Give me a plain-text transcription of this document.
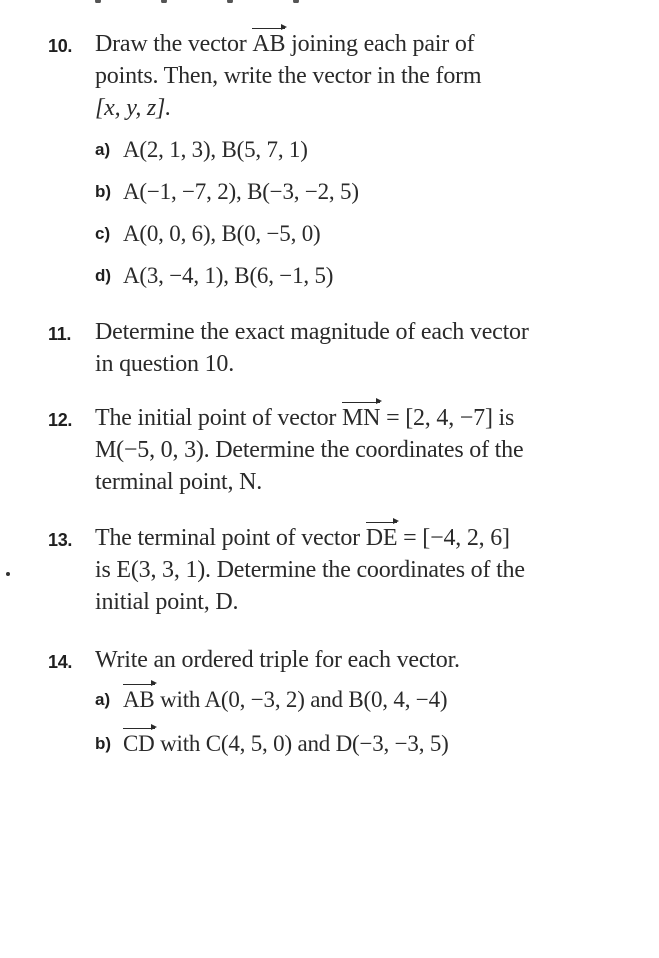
10. Draw the vector AB
joining each pair of
points. Then, write the vector in the form
[x, y, z].
a) A(2, 1, 3), B(5, 7, 1)
b) A(−1, −7, 2), B(−3, −2, 5)
c) A(0, 0, 6), B(0, −5, 0)
d) A(3, −4, 1), B(6, −1, 5)
11. Determine the exact magnitude of each vector
in question 10.
12. The initial point of vector MN
= [2, 4, −7] is
M(−5, 0, 3). Determine the coordinates of the
terminal point, N.
13. The terminal point of vector DE
= [−4, 2, 6]
is E(3, 3, 1). Determine the coordinates of the
initial point, D.
14. Write an ordered triple for each vector.
a) AB
with A(0, −3, 2) and B(0, 4, −4)
b) CD
with C(4, 5, 0) and D(−3, −3, 5)
